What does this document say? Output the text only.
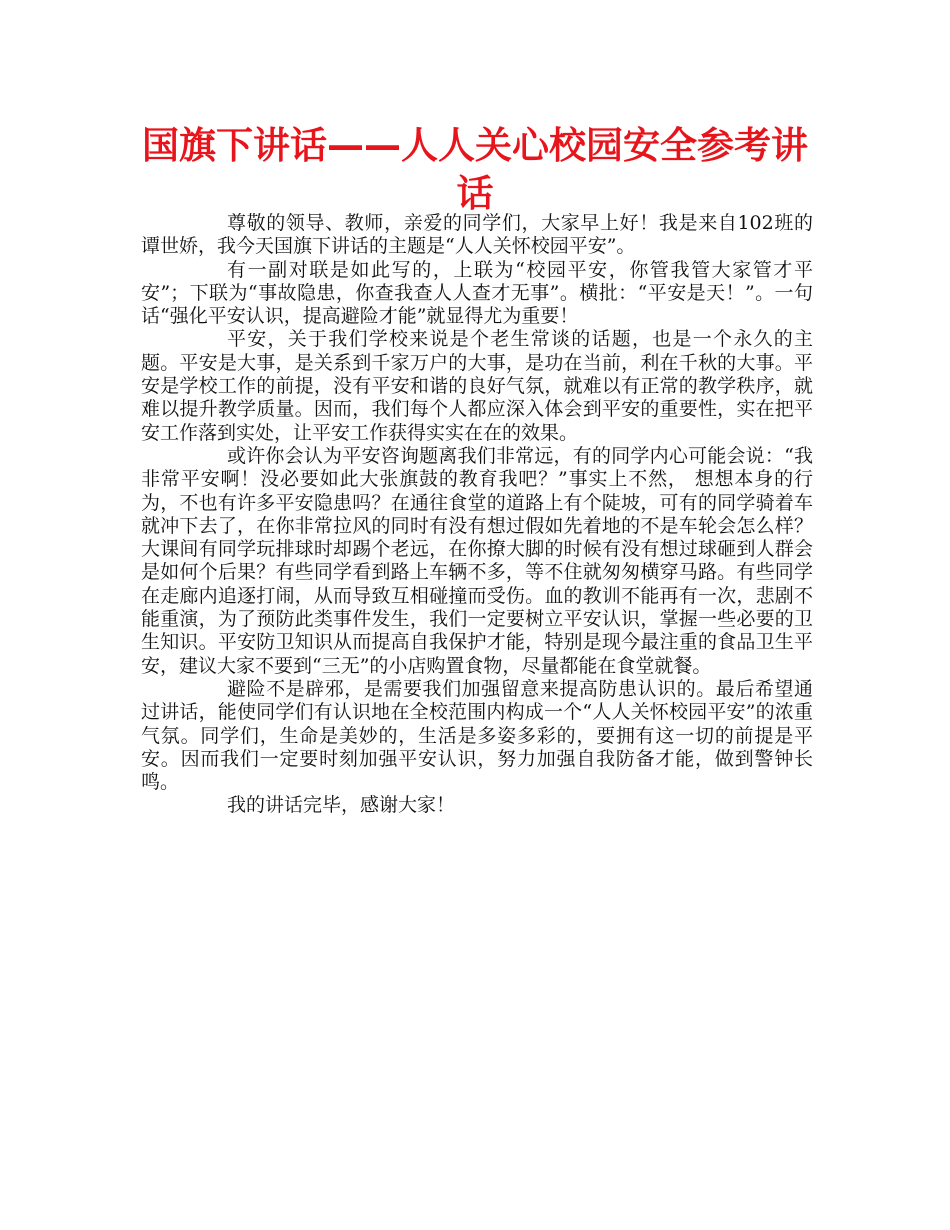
国旗下讲话——人人关心校园安全参考讲话

尊敬的领导、教师，亲爱的同学们，大家早上好！我是来自102班的谭世娇，我今天国旗下讲话的主题是“人人关怀校园平安”。

有一副对联是如此写的，上联为“校园平安，你管我管大家管才平安”；下联为“事故隐患，你查我查人人查才无事”。横批：“平安是天！”。一句话“强化平安认识，提高避险才能”就显得尤为重要！

平安，关于我们学校来说是个老生常谈的话题，也是一个永久的主题。平安是大事，是关系到千家万户的大事，是功在当前，利在千秋的大事。平安是学校工作的前提，没有平安和谐的良好气氛，就难以有正常的教学秩序，就难以提升教学质量。因而，我们每个人都应深入体会到平安的重要性，实在把平安工作落到实处，让平安工作获得实实在在的效果。

或许你会认为平安咨询题离我们非常远，有的同学内心可能会说：“我非常平安啊！没必要如此大张旗鼓的教育我吧？”事实上不然， 想想本身的行为，不也有许多平安隐患吗？在通往食堂的道路上有个陡坡，可有的同学骑着车就冲下去了，在你非常拉风的同时有没有想过假如先着地的不是车轮会怎么样？大课间有同学玩排球时却踢个老远，在你撩大脚的时候有没有想过球砸到人群会是如何个后果？有些同学看到路上车辆不多，等不住就匆匆横穿马路。有些同学在走廊内追逐打闹，从而导致互相碰撞而受伤。血的教训不能再有一次，悲剧不能重演，为了预防此类事件发生，我们一定要树立平安认识，掌握一些必要的卫生知识。平安防卫知识从而提高自我保护才能，特别是现今最注重的食品卫生平安，建议大家不要到“三无”的小店购置食物，尽量都能在食堂就餐。

避险不是辟邪，是需要我们加强留意来提高防患认识的。最后希望通过讲话，能使同学们有认识地在全校范围内构成一个“人人关怀校园平安”的浓重气氛。同学们，生命是美妙的，生活是多姿多彩的，要拥有这一切的前提是平安。因而我们一定要时刻加强平安认识，努力加强自我防备才能，做到警钟长鸣。

我的讲话完毕，感谢大家！
